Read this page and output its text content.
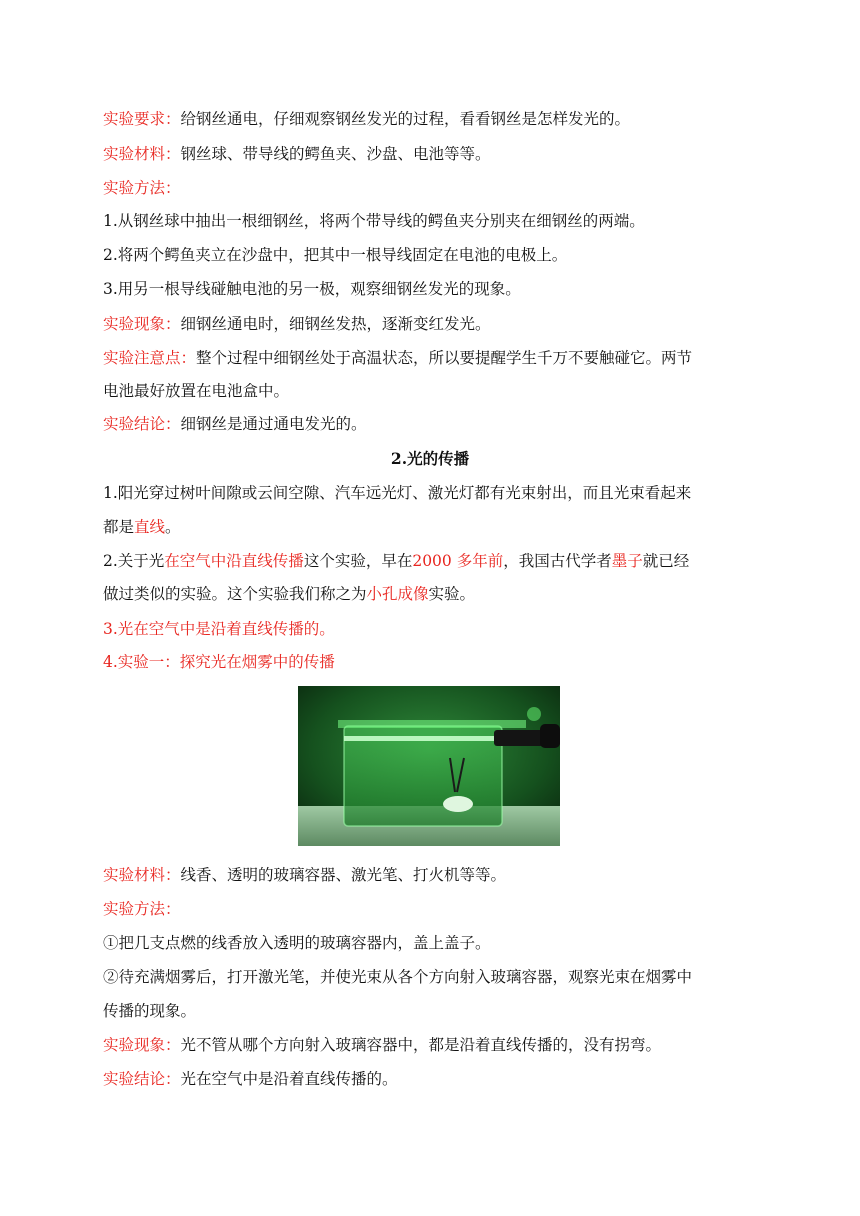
实验要求：给钢丝通电，仔细观察钢丝发光的过程，看看钢丝是怎样发光的。
实验材料：钢丝球、带导线的鳄鱼夹、沙盘、电池等等。
实验方法：
1.从钢丝球中抽出一根细钢丝，将两个带导线的鳄鱼夹分别夹在细钢丝的两端。
2.将两个鳄鱼夹立在沙盘中，把其中一根导线固定在电池的电极上。
3.用另一根导线碰触电池的另一极，观察细钢丝发光的现象。
实验现象：细钢丝通电时，细钢丝发热，逐渐变红发光。
实验注意点：整个过程中细钢丝处于高温状态，所以要提醒学生千万不要触碰它。两节
电池最好放置在电池盒中。
实验结论：细钢丝是通过通电发光的。
2.光的传播
1.阳光穿过树叶间隙或云间空隙、汽车远光灯、激光灯都有光束射出，而且光束看起来
都是直线。
2.关于光在空气中沿直线传播这个实验，早在2000 多年前，我国古代学者墨子就已经
做过类似的实验。这个实验我们称之为小孔成像实验。
3.光在空气中是沿着直线传播的。
4.实验一：探究光在烟雾中的传播
实验材料：线香、透明的玻璃容器、激光笔、打火机等等。
实验方法：
①把几支点燃的线香放入透明的玻璃容器内，盖上盖子。
②待充满烟雾后，打开激光笔，并使光束从各个方向射入玻璃容器，观察光束在烟雾中
传播的现象。
实验现象：光不管从哪个方向射入玻璃容器中，都是沿着直线传播的，没有拐弯。
实验结论：光在空气中是沿着直线传播的。
